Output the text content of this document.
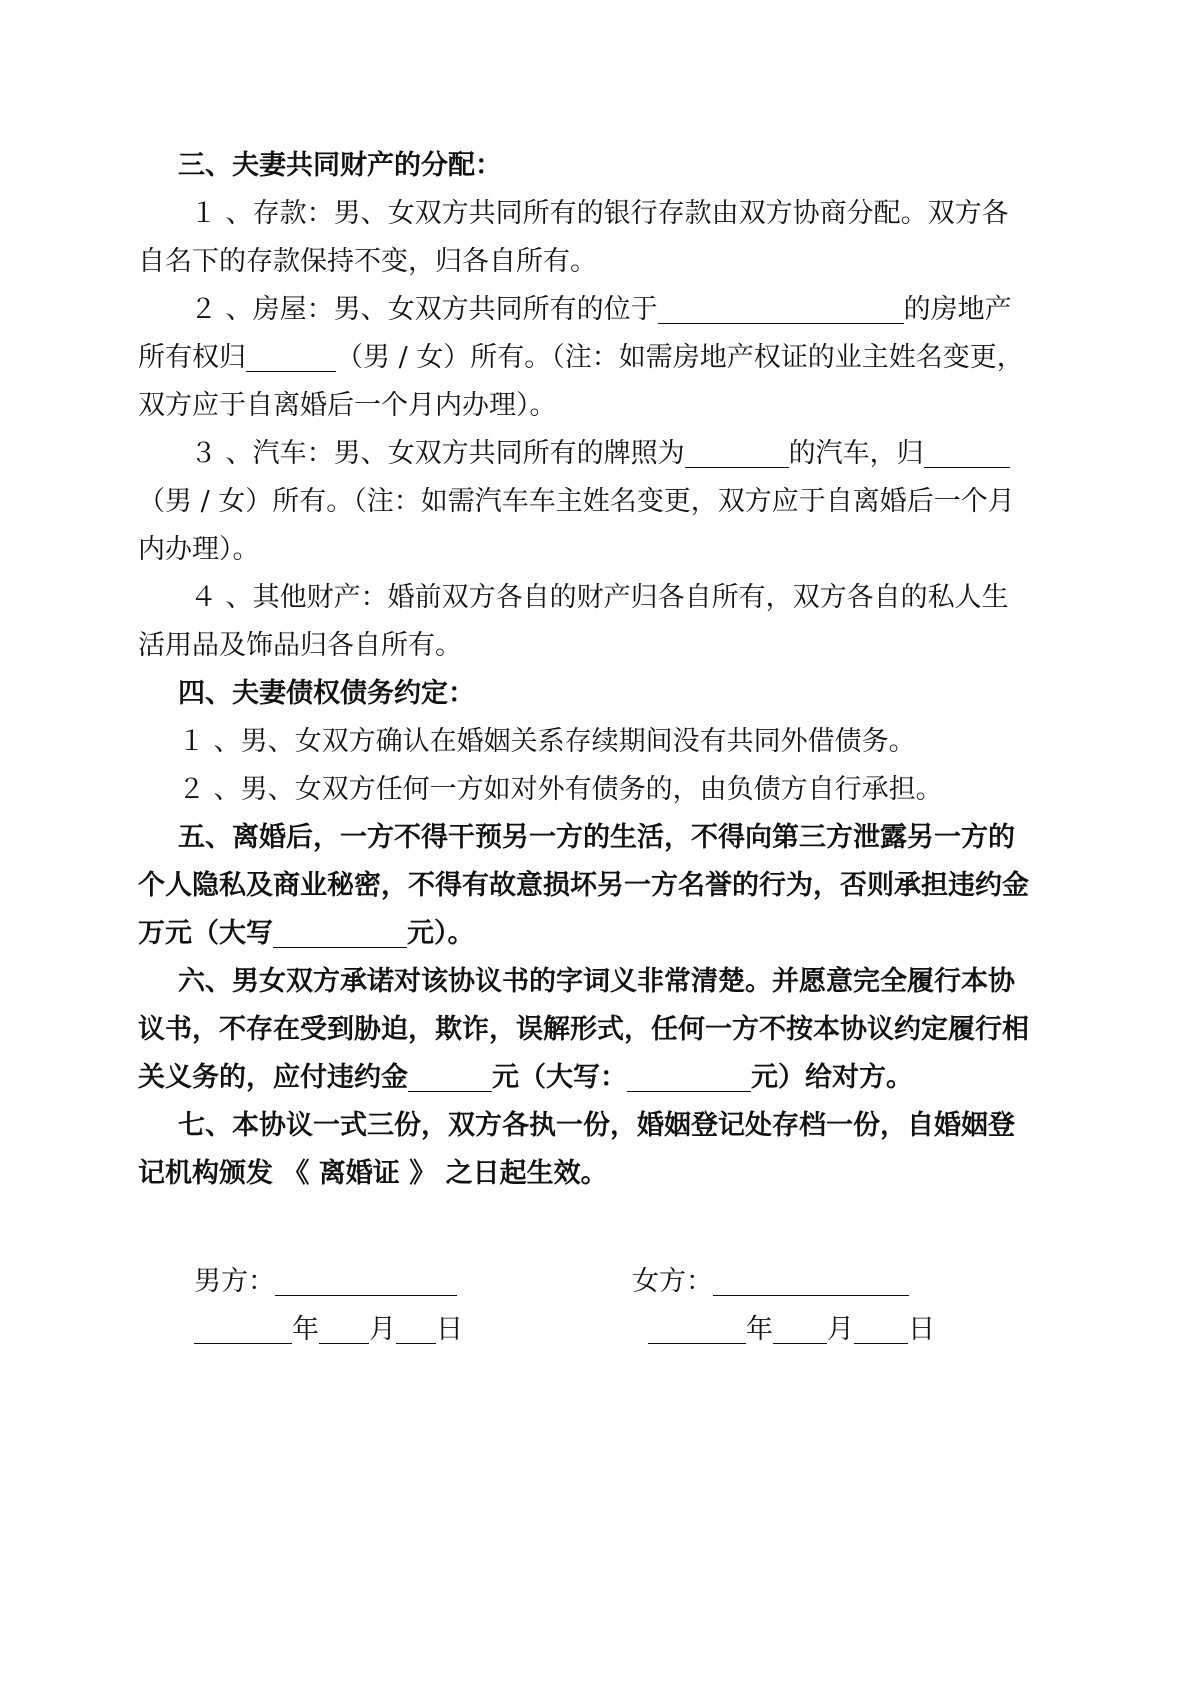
三、夫妻共同财产的分配：
１ 、存款：男、女双方共同所有的银行存款由双方协商分配。双方各
自名下的存款保持不变，归各自所有。
２ 、房屋：男、女双方共同所有的位于	的房地产
所有权归	（男 / 女）所有。（注：如需房地产权证的业主姓名变更，
双方应于自离婚后一个月内办理）。
３ 、汽车：男、女双方共同所有的牌照为	的汽车，归
（男 / 女）所有。（注：如需汽车车主姓名变更，双方应于自离婚后一个月
内办理）。
４ 、其他财产：婚前双方各自的财产归各自所有，双方各自的私人生
活用品及饰品归各自所有。
四、夫妻债权债务约定：
１ 、男、女双方确认在婚姻关系存续期间没有共同外借债务。
２ 、男、女双方任何一方如对外有债务的，由负债方自行承担。
五、离婚后，一方不得干预另一方的生活，不得向第三方泄露另一方的
个人隐私及商业秘密，不得有故意损坏另一方名誉的行为，否则承担违约金
万元（大写	元）。
六、男女双方承诺对该协议书的字词义非常清楚。并愿意完全履行本协
议书，不存在受到胁迫，欺诈，误解形式，任何一方不按本协议约定履行相
关义务的，应付违约金	元（大写：	元）给对方。
七、本协议一式三份，双方各执一份，婚姻登记处存档一份，自婚姻登
记机构颁发 《 离婚证 》 之日起生效。
男方：	女方：
年 月 日	年 月 日
